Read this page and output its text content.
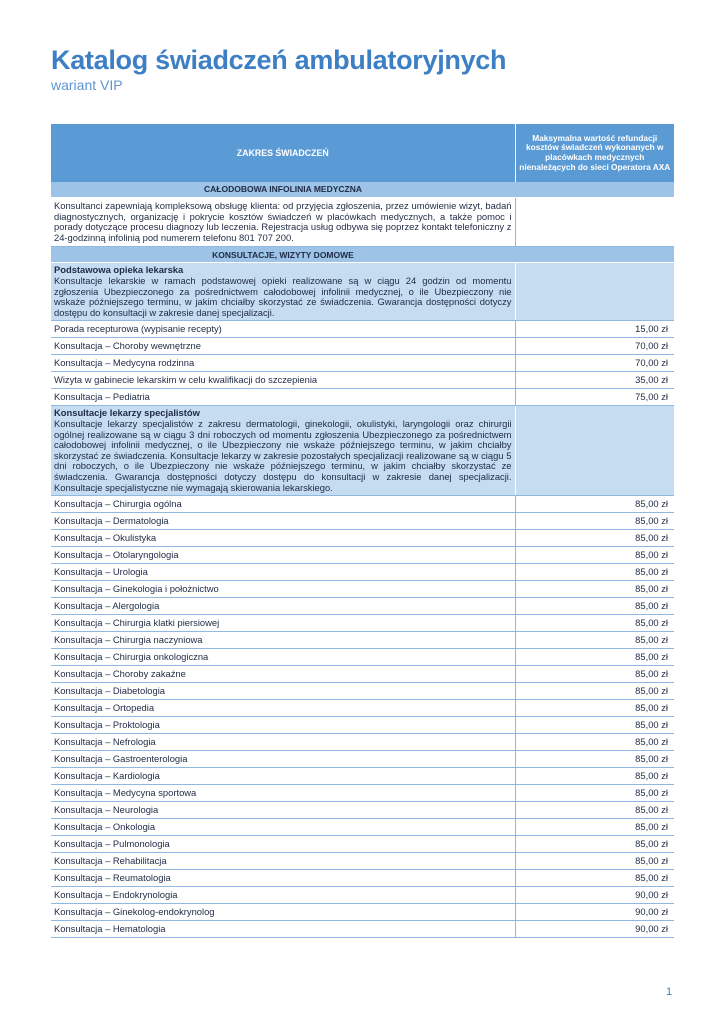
Katalog świadczeń ambulatoryjnych
wariant VIP
ZAKRES ŚWIADCZEŃ	Maksymalna wartość refundacji kosztów świadczeń wykonanych w placówkach medycznych nienależących do sieci Operatora AXA
CAŁODOBOWA INFOLINIA MEDYCZNA	
Konsultanci zapewniają kompleksową obsługę klienta: od przyjęcia zgłoszenia, przez umówienie wizyt, badań diagnostycznych, organizację i pokrycie kosztów świadczeń w placówkach medycznych, a także pomoc i porady dotyczące procesu diagnozy lub leczenia. Rejestracja usług odbywa się poprzez kontakt telefoniczny z 24-godzinną infolinią pod numerem telefonu 801 707 200.	
KONSULTACJE, WIZYTY DOMOWE	

Podstawowa opieka lekarska
Konsultacje lekarskie w ramach podstawowej opieki realizowane są w ciągu 24 godzin od momentu zgłoszenia Ubezpieczonego za pośrednictwem całodobowej infolinii medycznej, o ile Ubezpieczony nie wskaże późniejszego terminu, w jakim chciałby skorzystać ze świadczenia. Gwarancja dostępności dotyczy dostępu do konsultacji w zakresie danej specjalizacji.	
Porada recepturowa (wypisanie recepty)	15,00 zł
Konsultacja – Choroby wewnętrzne	70,00 zł
Konsultacja – Medycyna rodzinna	70,00 zł
Wizyta w gabinecie lekarskim w celu kwalifikacji do szczepienia	35,00 zł
Konsultacja – Pediatria	75,00 zł

Konsultacje lekarzy specjalistów
Konsultacje lekarzy specjalistów z zakresu dermatologii, ginekologii, okulistyki, laryngologii oraz chirurgii ogólnej realizowane są w ciągu 3 dni roboczych od momentu zgłoszenia Ubezpieczonego za pośrednictwem całodobowej infolinii medycznej, o ile Ubezpieczony nie wskaże późniejszego terminu, w jakim chciałby skorzystać ze świadczenia. Konsultacje lekarzy w zakresie pozostałych specjalizacji realizowane są w ciągu 5 dni roboczych, o ile Ubezpieczony nie wskaże późniejszego terminu, w jakim chciałby skorzystać ze świadczenia. Gwarancja dostępności dotyczy dostępu do konsultacji w zakresie danej specjalizacji. Konsultacje specjalistyczne nie wymagają skierowania lekarskiego.	
Konsultacja – Chirurgia ogólna	85,00 zł
Konsultacja – Dermatologia	85,00 zł
Konsultacja – Okulistyka	85,00 zł
Konsultacja – Otolaryngologia	85,00 zł
Konsultacja – Urologia	85,00 zł
Konsultacja – Ginekologia i położnictwo	85,00 zł
Konsultacja – Alergologia	85,00 zł
Konsultacja – Chirurgia klatki piersiowej	85,00 zł
Konsultacja – Chirurgia naczyniowa	85,00 zł
Konsultacja – Chirurgia onkologiczna	85,00 zł
Konsultacja – Choroby zakaźne	85,00 zł
Konsultacja – Diabetologia	85,00 zł
Konsultacja – Ortopedia	85,00 zł
Konsultacja – Proktologia	85,00 zł
Konsultacja – Nefrologia	85,00 zł
Konsultacja – Gastroenterologia	85,00 zł
Konsultacja – Kardiologia	85,00 zł
Konsultacja – Medycyna sportowa	85,00 zł
Konsultacja – Neurologia	85,00 zł
Konsultacja – Onkologia	85,00 zł
Konsultacja – Pulmonologia	85,00 zł
Konsultacja – Rehabilitacja	85,00 zł
Konsultacja – Reumatologia	85,00 zł
Konsultacja – Endokrynologia	90,00 zł
Konsultacja – Ginekolog-endokrynolog	90,00 zł
Konsultacja – Hematologia	90,00 zł
1
